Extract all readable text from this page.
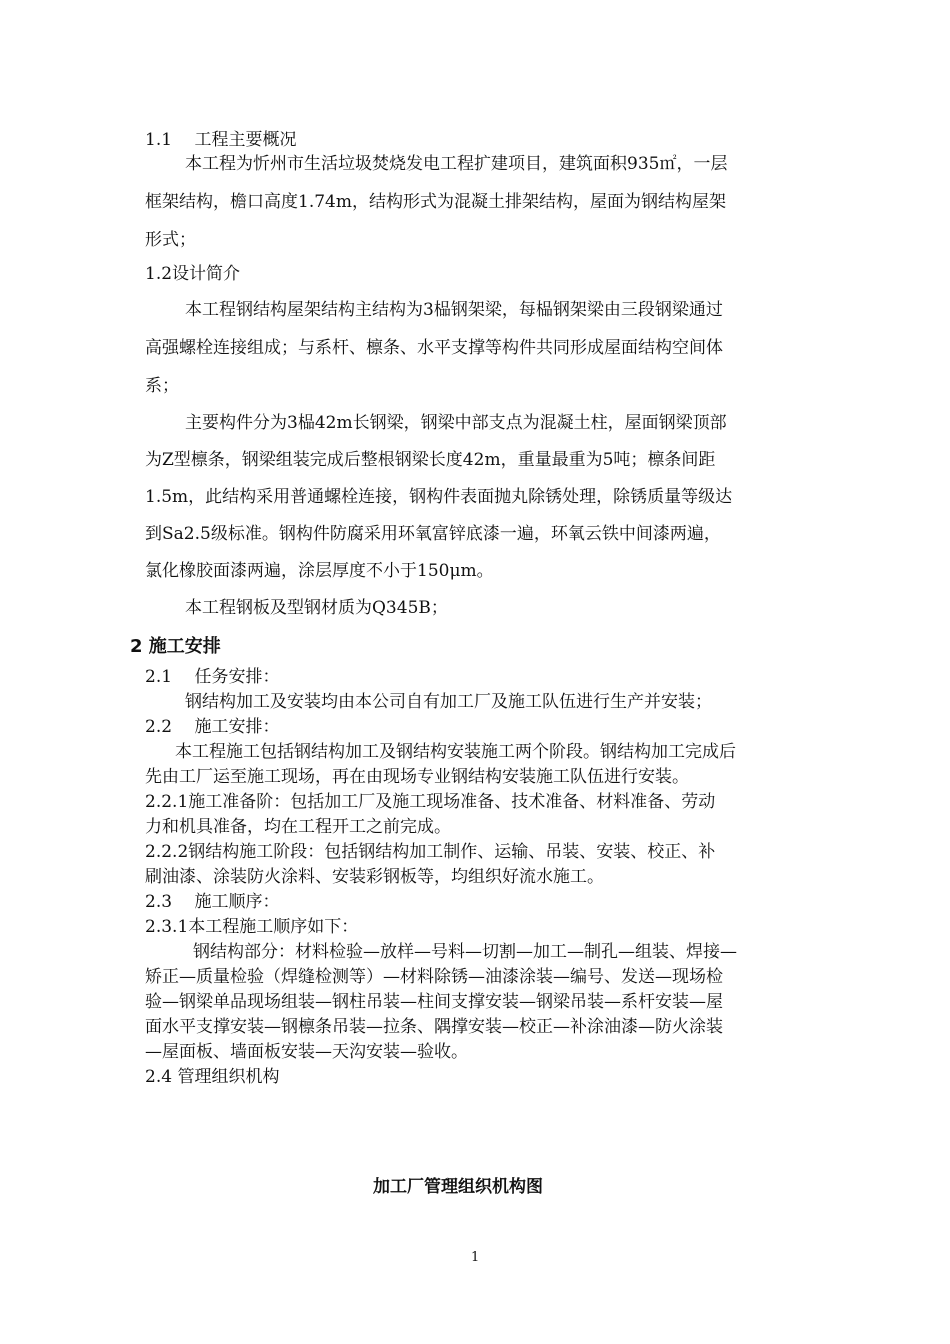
1.1　 工程主要概况

本工程为忻州市生活垃圾焚烧发电工程扩建项目，建筑面积935㎡，一层

框架结构，檐口高度1.74m，结构形式为混凝土排架结构，屋面为钢结构屋架

形式；

1.2设计简介

本工程钢结构屋架结构主结构为3榀钢架梁，每榀钢架梁由三段钢梁通过

高强螺栓连接组成；与系杆、檩条、水平支撑等构件共同形成屋面结构空间体

系；

主要构件分为3榀42m长钢梁，钢梁中部支点为混凝土柱，屋面钢梁顶部

为Z型檩条，钢梁组装完成后整根钢梁长度42m，重量最重为5吨；檩条间距

1.5m，此结构采用普通螺栓连接，钢构件表面抛丸除锈处理，除锈质量等级达

到Sa2.5级标准。钢构件防腐采用环氧富锌底漆一遍，环氧云铁中间漆两遍，

氯化橡胶面漆两遍，涂层厚度不小于150μm。

本工程钢板及型钢材质为Q345B；

2 施工安排

2.1　 任务安排：

钢结构加工及安装均由本公司自有加工厂及施工队伍进行生产并安装；

2.2　 施工安排：

本工程施工包括钢结构加工及钢结构安装施工两个阶段。钢结构加工完成后

先由工厂运至施工现场，再在由现场专业钢结构安装施工队伍进行安装。

2.2.1施工准备阶：包括加工厂及施工现场准备、技术准备、材料准备、劳动

力和机具准备，均在工程开工之前完成。

2.2.2钢结构施工阶段：包括钢结构加工制作、运输、吊装、安装、校正、补

刷油漆、涂装防火涂料、安装彩钢板等，均组织好流水施工。

2.3　 施工顺序：

2.3.1本工程施工顺序如下：

钢结构部分：材料检验—放样—号料—切割—加工—制孔—组装、焊接—

矫正—质量检验（焊缝检测等）—材料除锈—油漆涂装—编号、发送—现场检

验—钢梁单品现场组装—钢柱吊装—柱间支撑安装—钢梁吊装—系杆安装—屋

面水平支撑安装—钢檩条吊装—拉条、隅撑安装—校正—补涂油漆—防火涂装

—屋面板、墙面板安装—天沟安装—验收。

2.4 管理组织机构

加工厂管理组织机构图

1
